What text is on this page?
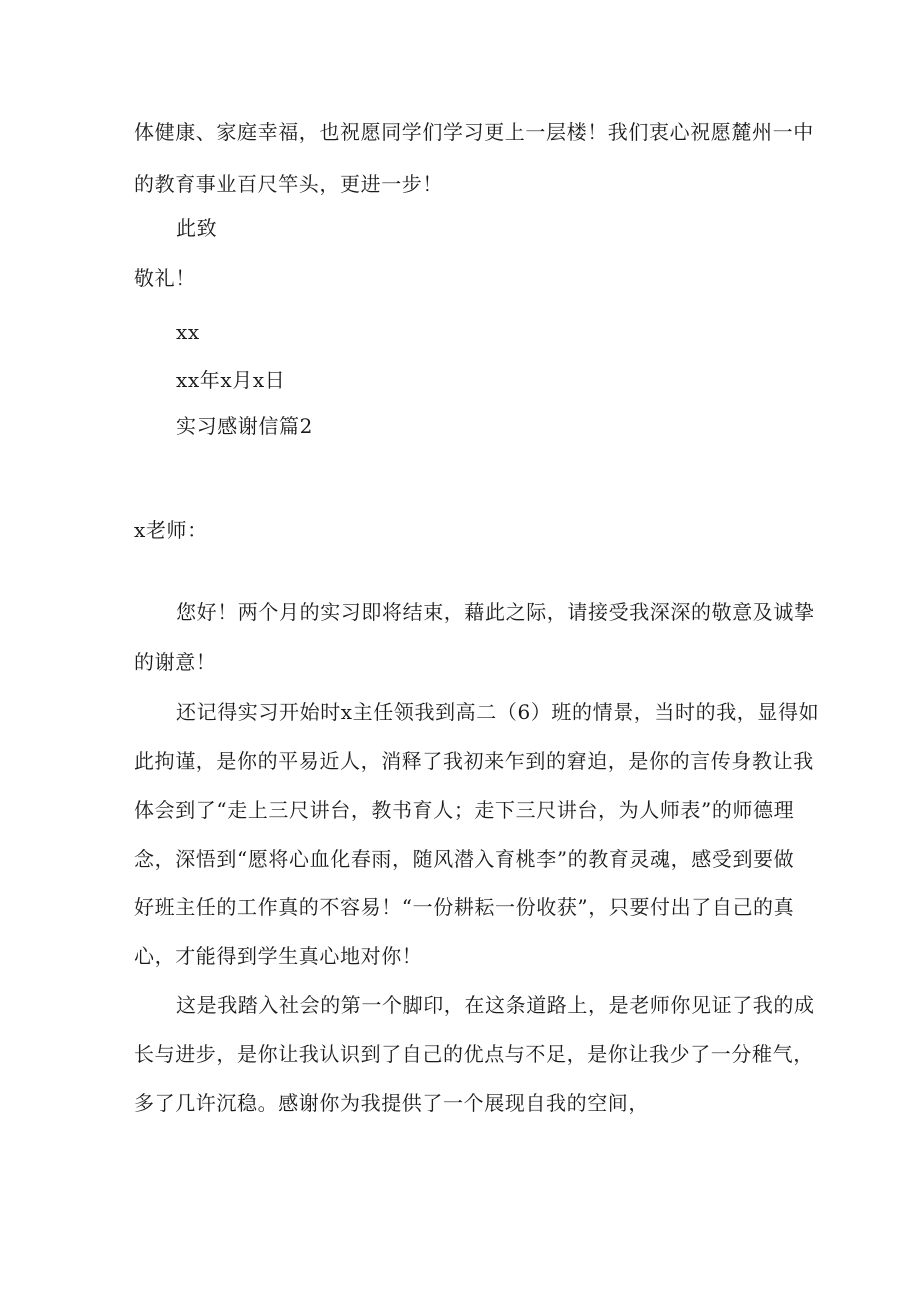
体健康、家庭幸福，也祝愿同学们学习更上一层楼！我们衷心祝愿麓州一中
的教育事业百尺竿头，更进一步！
此致
敬礼！
xx
xx年x月x日
实习感谢信篇2
x老师：
您好！两个月的实习即将结束，藉此之际，请接受我深深的敬意及诚挚
的谢意！
还记得实习开始时x主任领我到高二（6）班的情景，当时的我，显得如
此拘谨，是你的平易近人，消释了我初来乍到的窘迫，是你的言传身教让我
体会到了“走上三尺讲台，教书育人；走下三尺讲台，为人师表”的师德理
念，深悟到“愿将心血化春雨，随风潜入育桃李”的教育灵魂，感受到要做
好班主任的工作真的不容易！“一份耕耘一份收获”，只要付出了自己的真
心，才能得到学生真心地对你！
这是我踏入社会的第一个脚印，在这条道路上，是老师你见证了我的成
长与进步，是你让我认识到了自己的优点与不足，是你让我少了一分稚气，
多了几许沉稳。感谢你为我提供了一个展现自我的空间，
